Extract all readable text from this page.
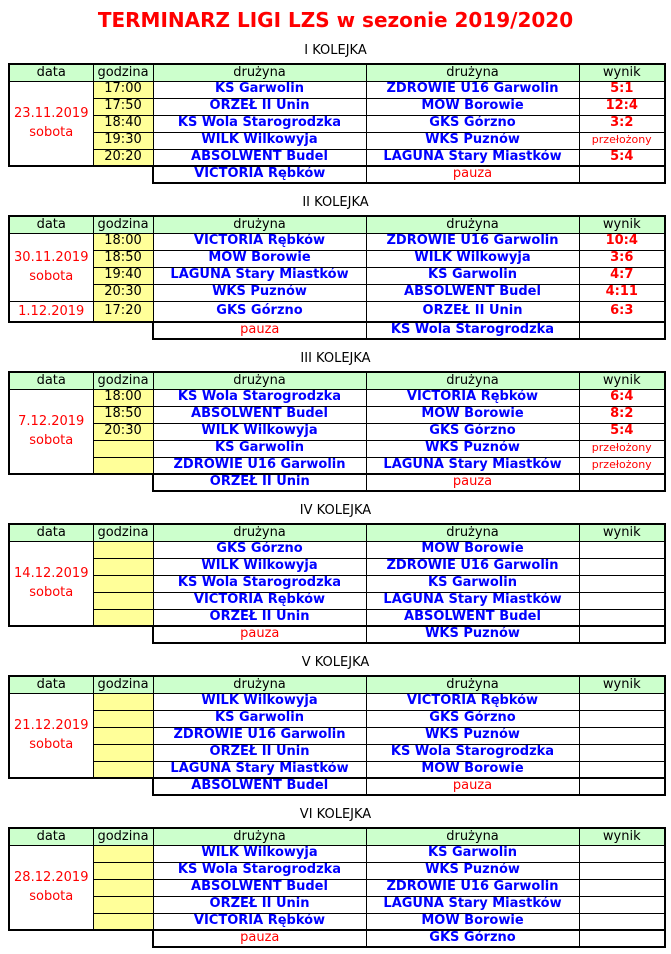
TERMINARZ LIGI LZS w sezonie 2019/2020
I KOLEJKA
data	godzina	drużyna	drużyna	wynik
23.11.2019
sobota	17:00	KS Garwolin	ZDROWIE U16 Garwolin	5:1
	17:50	ORZEŁ II Unin	MOW Borowie	12:4
	18:40	KS Wola Starogrodzka	GKS Górzno	3:2
	19:30	WILK Wilkowyja	WKS Puznów	przełożony
	20:20	ABSOLWENT Budel	LAGUNA Stary Miastków	5:4
		VICTORIA Rębków	pauza	
II KOLEJKA
data	godzina	drużyna	drużyna	wynik
30.11.2019
sobota	18:00	VICTORIA Rębków	ZDROWIE U16 Garwolin	10:4
	18:50	MOW Borowie	WILK Wilkowyja	3:6
	19:40	LAGUNA Stary Miastków	KS Garwolin	4:7
	20:30	WKS Puznów	ABSOLWENT Budel	4:11
1.12.2019	17:20	GKS Górzno	ORZEŁ II Unin	6:3
		pauza	KS Wola Starogrodzka	
III KOLEJKA
data	godzina	drużyna	drużyna	wynik
7.12.2019
sobota	18:00	KS Wola Starogrodzka	VICTORIA Rębków	6:4
	18:50	ABSOLWENT Budel	MOW Borowie	8:2
	20:30	WILK Wilkowyja	GKS Górzno	5:4
		KS Garwolin	WKS Puznów	przełożony
		ZDROWIE U16 Garwolin	LAGUNA Stary Miastków	przełożony
		ORZEŁ II Unin	pauza	
IV KOLEJKA
data	godzina	drużyna	drużyna	wynik
14.12.2019
sobota		GKS Górzno	MOW Borowie	
		WILK Wilkowyja	ZDROWIE U16 Garwolin	
		KS Wola Starogrodzka	KS Garwolin	
		VICTORIA Rębków	LAGUNA Stary Miastków	
		ORZEŁ II Unin	ABSOLWENT Budel	
		pauza	WKS Puznów	
V KOLEJKA
data	godzina	drużyna	drużyna	wynik
21.12.2019
sobota		WILK Wilkowyja	VICTORIA Rębków	
		KS Garwolin	GKS Górzno	
		ZDROWIE U16 Garwolin	WKS Puznów	
		ORZEŁ II Unin	KS Wola Starogrodzka	
		LAGUNA Stary Miastków	MOW Borowie	
		ABSOLWENT Budel	pauza	
VI KOLEJKA
data	godzina	drużyna	drużyna	wynik
28.12.2019
sobota		WILK Wilkowyja	KS Garwolin	
		KS Wola Starogrodzka	WKS Puznów	
		ABSOLWENT Budel	ZDROWIE U16 Garwolin	
		ORZEŁ II Unin	LAGUNA Stary Miastków	
		VICTORIA Rębków	MOW Borowie	
		pauza	GKS Górzno	
